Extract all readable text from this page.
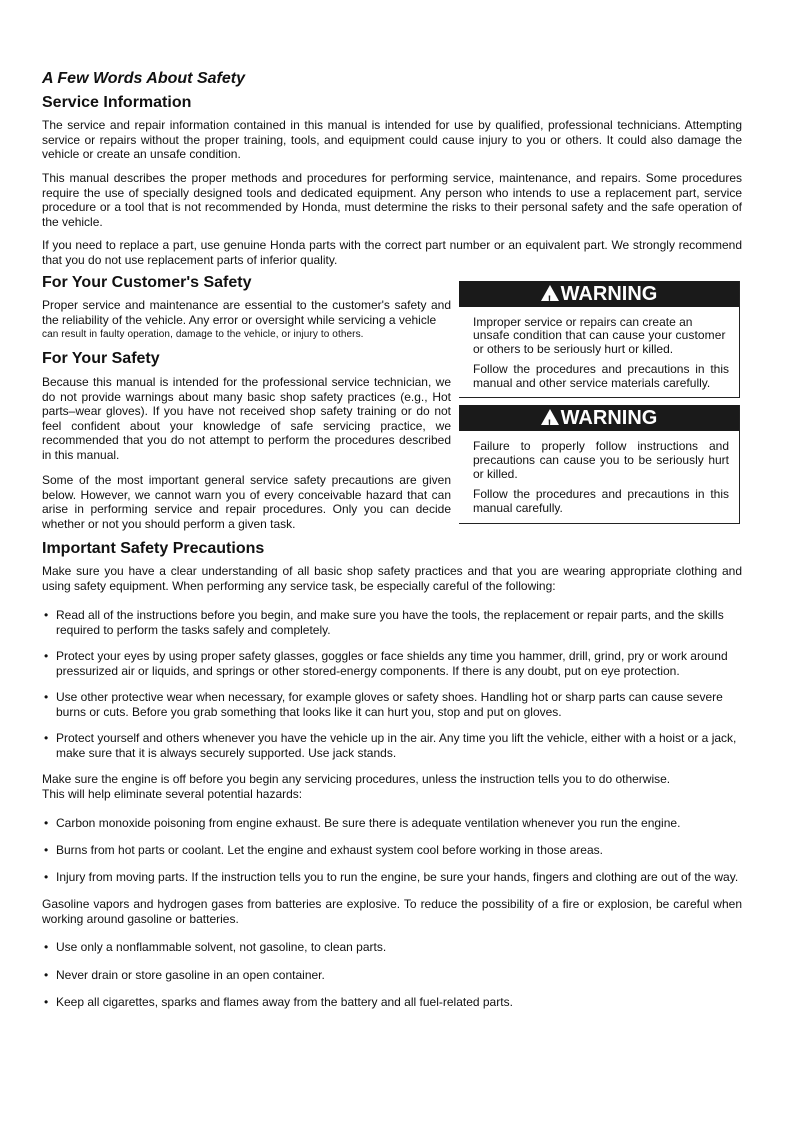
A Few Words About Safety
Service Information
The service and repair information contained in this manual is intended for use by qualified, professional technicians. Attempting service or repairs without the proper training, tools, and equipment could cause injury to you or others. It could also damage the vehicle or create an unsafe condition.
This manual describes the proper methods and procedures for performing service, maintenance, and repairs. Some procedures require the use of specially designed tools and dedicated equipment. Any person who intends to use a replacement part, service procedure or a tool that is not recommended by Honda, must determine the risks to their personal safety and the safe operation of the vehicle.
If you need to replace a part, use genuine Honda parts with the correct part number or an equivalent part. We strongly recommend that you do not use replacement parts of inferior quality.
For Your Customer's Safety
Proper service and maintenance are essential to the customer's safety and the reliability of the vehicle. Any error or oversight while servicing a vehicle
can result in faulty operation, damage to the vehicle, or injury to others.
For Your Safety
Because this manual is intended for the professional service technician, we do not provide warnings about many basic shop safety practices (e.g., Hot parts–wear gloves). If you have not received shop safety training or do not feel confident about your knowledge of safe servicing practice, we recommended that you do not attempt to perform the procedures described in this manual.
Some of the most important general service safety precautions are given below. However, we cannot warn you of every conceivable hazard that can arise in performing service and repair procedures. Only you can decide whether or not you should perform a given task.
!WARNING
Improper service or repairs can create an
unsafe condition that can cause your customer
or others to be seriously hurt or killed.
Follow the procedures and precautions in this manual and other service materials carefully.
!WARNING
Failure to properly follow instructions and precautions can cause you to be seriously hurt or killed.
Follow the procedures and precautions in this manual carefully.
Important Safety Precautions
Make sure you have a clear understanding of all basic shop safety practices and that you are wearing appropriate clothing and using safety equipment. When performing any service task, be especially careful of the following:
• Read all of the instructions before you begin, and make sure you have the tools, the replacement or repair parts, and the skills required to perform the tasks safely and completely.
• Protect your eyes by using proper safety glasses, goggles or face shields any time you hammer, drill, grind, pry or work around pressurized air or liquids, and springs or other stored-energy components. If there is any doubt, put on eye protection.
• Use other protective wear when necessary, for example gloves or safety shoes. Handling hot or sharp parts can cause severe burns or cuts. Before you grab something that looks like it can hurt you, stop and put on gloves.
• Protect yourself and others whenever you have the vehicle up in the air. Any time you lift the vehicle, either with a hoist or a jack, make sure that it is always securely supported. Use jack stands.
Make sure the engine is off before you begin any servicing procedures, unless the instruction tells you to do otherwise. This will help eliminate several potential hazards:
• Carbon monoxide poisoning from engine exhaust. Be sure there is adequate ventilation whenever you run the engine.
• Burns from hot parts or coolant. Let the engine and exhaust system cool before working in those areas.
• Injury from moving parts. If the instruction tells you to run the engine, be sure your hands, fingers and clothing are out of the way.
Gasoline vapors and hydrogen gases from batteries are explosive. To reduce the possibility of a fire or explosion, be careful when working around gasoline or batteries.
• Use only a nonflammable solvent, not gasoline, to clean parts.
• Never drain or store gasoline in an open container.
• Keep all cigarettes, sparks and flames away from the battery and all fuel-related parts.
